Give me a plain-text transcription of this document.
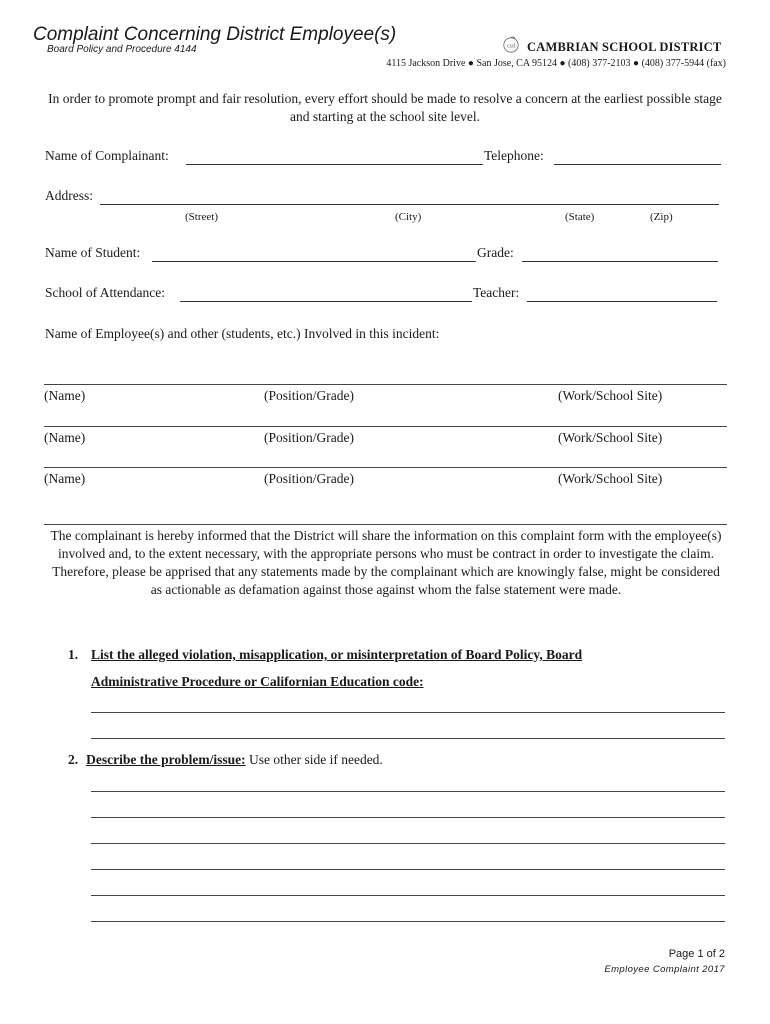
Complaint Concerning District Employee(s)
Board Policy and Procedure 4144	csd CAMBRIAN SCHOOL DISTRICT
4115 Jackson Drive ● San Jose, CA 95124 ● (408) 377-2103 ● (408) 377-5944 (fax)
In order to promote prompt and fair resolution, every effort should be made to resolve a concern at the earliest possible stage and starting at the school site level.
Name of Complainant:	Telephone:
Address:
(Street)	(City)	(State)	(Zip)
Name of Student:	Grade:
School of Attendance:	Teacher:
Name of Employee(s) and other (students, etc.) Involved in this incident:
(Name)	(Position/Grade)	(Work/School Site)
(Name)	(Position/Grade)	(Work/School Site)
(Name)	(Position/Grade)	(Work/School Site)
The complainant is hereby informed that the District will share the information on this complaint form with the employee(s) involved and, to the extent necessary, with the appropriate persons who must be contract in order to investigate the claim. Therefore, please be apprised that any statements made by the complainant which are knowingly false, might be considered as actionable as defamation against those against whom the false statement were made.
1. List the alleged violation, misapplication, or misinterpretation of Board Policy, Board
Administrative Procedure or Californian Education code:
2. Describe the problem/issue: Use other side if needed.
Page 1 of 2
Employee Complaint 2017
